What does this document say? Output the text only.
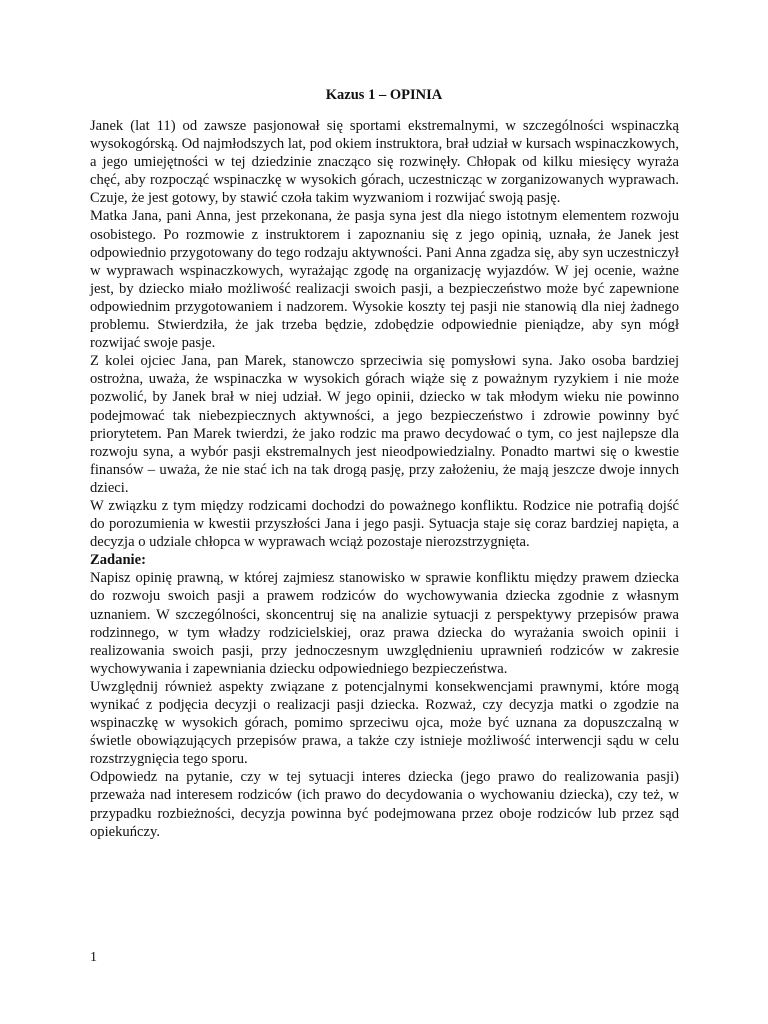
Kazus 1 – OPINIA

Janek (lat 11) od zawsze pasjonował się sportami ekstremalnymi, w szczególności wspinaczką wysokogórską. Od najmłodszych lat, pod okiem instruktora, brał udział w kursach wspinaczkowych, a jego umiejętności w tej dziedzinie znacząco się rozwinęły. Chłopak od kilku miesięcy wyraża chęć, aby rozpocząć wspinaczkę w wysokich górach, uczestnicząc w zorganizowanych wyprawach. Czuje, że jest gotowy, by stawić czoła takim wyzwaniom i rozwijać swoją pasję.

Matka Jana, pani Anna, jest przekonana, że pasja syna jest dla niego istotnym elementem rozwoju osobistego. Po rozmowie z instruktorem i zapoznaniu się z jego opinią, uznała, że Janek jest odpowiednio przygotowany do tego rodzaju aktywności. Pani Anna zgadza się, aby syn uczestniczył w wyprawach wspinaczkowych, wyrażając zgodę na organizację wyjazdów. W jej ocenie, ważne jest, by dziecko miało możliwość realizacji swoich pasji, a bezpieczeństwo może być zapewnione odpowiednim przygotowaniem i nadzorem. Wysokie koszty tej pasji nie stanowią dla niej żadnego problemu. Stwierdziła, że jak trzeba będzie, zdobędzie odpowiednie pieniądze, aby syn mógł rozwijać swoje pasje.

Z kolei ojciec Jana, pan Marek, stanowczo sprzeciwia się pomysłowi syna. Jako osoba bardziej ostrożna, uważa, że wspinaczka w wysokich górach wiąże się z poważnym ryzykiem i nie może pozwolić, by Janek brał w niej udział. W jego opinii, dziecko w tak młodym wieku nie powinno podejmować tak niebezpiecznych aktywności, a jego bezpieczeństwo i zdrowie powinny być priorytetem. Pan Marek twierdzi, że jako rodzic ma prawo decydować o tym, co jest najlepsze dla rozwoju syna, a wybór pasji ekstremalnych jest nieodpowiedzialny. Ponadto martwi się o kwestie finansów – uważa, że nie stać ich na tak drogą pasję, przy założeniu, że mają jeszcze dwoje innych dzieci.

W związku z tym między rodzicami dochodzi do poważnego konfliktu. Rodzice nie potrafią dojść do porozumienia w kwestii przyszłości Jana i jego pasji. Sytuacja staje się coraz bardziej napięta, a decyzja o udziale chłopca w wyprawach wciąż pozostaje nierozstrzygnięta.

Zadanie:

Napisz opinię prawną, w której zajmiesz stanowisko w sprawie konfliktu między prawem dziecka do rozwoju swoich pasji a prawem rodziców do wychowywania dziecka zgodnie z własnym uznaniem. W szczególności, skoncentruj się na analizie sytuacji z perspektywy przepisów prawa rodzinnego, w tym władzy rodzicielskiej, oraz prawa dziecka do wyrażania swoich opinii i realizowania swoich pasji, przy jednoczesnym uwzględnieniu uprawnień rodziców w zakresie wychowywania i zapewniania dziecku odpowiedniego bezpieczeństwa.

Uwzględnij również aspekty związane z potencjalnymi konsekwencjami prawnymi, które mogą wynikać z podjęcia decyzji o realizacji pasji dziecka. Rozważ, czy decyzja matki o zgodzie na wspinaczkę w wysokich górach, pomimo sprzeciwu ojca, może być uznana za dopuszczalną w świetle obowiązujących przepisów prawa, a także czy istnieje możliwość interwencji sądu w celu rozstrzygnięcia tego sporu.

Odpowiedz na pytanie, czy w tej sytuacji interes dziecka (jego prawo do realizowania pasji) przeważa nad interesem rodziców (ich prawo do decydowania o wychowaniu dziecka), czy też, w przypadku rozbieżności, decyzja powinna być podejmowana przez oboje rodziców lub przez sąd opiekuńczy.

1
